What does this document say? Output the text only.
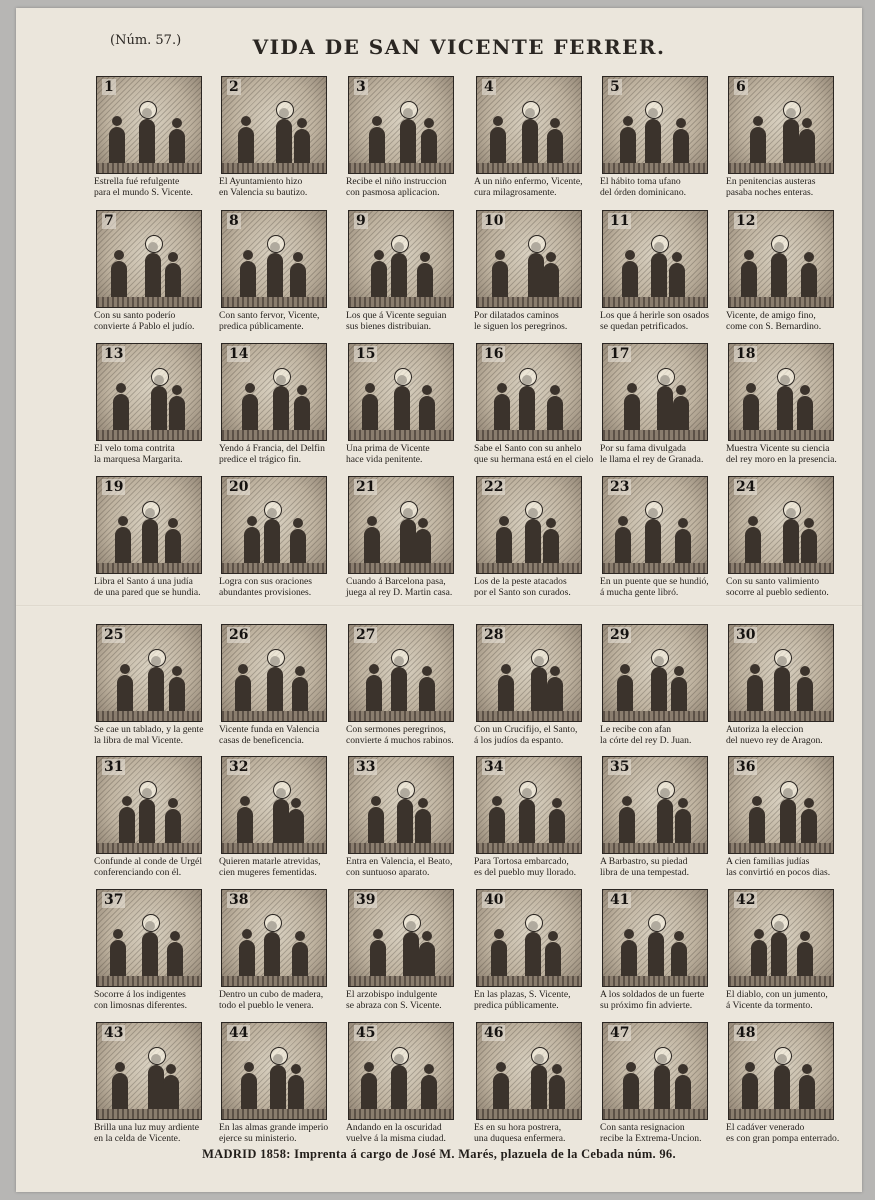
(Núm. 57.)	VIDA DE SAN VICENTE FERRER.
1
Estrella fué refulgente
para el mundo S. Vicente.
2
El Ayuntamiento hizo
en Valencia su bautizo.
3
Recibe el niño instruccion
con pasmosa aplicacion.
4
A un niño enfermo, Vicente,
cura milagrosamente.
5
El hábito toma ufano
del órden dominicano.
6
En penitencias austeras
pasaba noches enteras.
7
Con su santo poderío
convierte á Pablo el judío.
8
Con santo fervor, Vicente,
predica públicamente.
9
Los que á Vicente seguian
sus bienes distribuian.
10
Por dilatados caminos
le siguen los peregrinos.
11
Los que á herirle son osados
se quedan petrificados.
12
Vicente, de amigo fino,
come con S. Bernardino.
13
El velo toma contrita
la marquesa Margarita.
14
Yendo á Francia, del Delfin
predice el trágico fin.
15
Una prima de Vicente
hace vida penitente.
16
Sabe el Santo con su anhelo
que su hermana está en el cielo
17
Por su fama divulgada
le llama el rey de Granada.
18
Muestra Vicente su ciencia
del rey moro en la presencia.
19
Libra el Santo á una judía
de una pared que se hundia.
20
Logra con sus oraciones
abundantes provisiones.
21
Cuando á Barcelona pasa,
juega al rey D. Martin casa.
22
Los de la peste atacados
por el Santo son curados.
23
En un puente que se hundió,
á mucha gente libró.
24
Con su santo valimiento
socorre al pueblo sediento.
25
Se cae un tablado, y la gente
la libra de mal Vicente.
26
Vicente funda en Valencia
casas de beneficencia.
27
Con sermones peregrinos,
convierte á muchos rabinos.
28
Con un Crucifijo, el Santo,
á los judíos da espanto.
29
Le recibe con afan
la córte del rey D. Juan.
30
Autoriza la eleccion
del nuevo rey de Aragon.
31
Confunde al conde de Urgél
conferenciando con él.
32
Quieren matarle atrevidas,
cien mugeres fementidas.
33
Entra en Valencia, el Beato,
con suntuoso aparato.
34
Para Tortosa embarcado,
es del pueblo muy llorado.
35
A Barbastro, su piedad
libra de una tempestad.
36
A cien familias judías
las convirtió en pocos dias.
37
Socorre á los indigentes
con limosnas diferentes.
38
Dentro un cubo de madera,
todo el pueblo le venera.
39
El arzobispo indulgente
se abraza con S. Vicente.
40
En las plazas, S. Vicente,
predica públicamente.
41
A los soldados de un fuerte
su próximo fin advierte.
42
El diablo, con un jumento,
á Vicente da tormento.
43
Brilla una luz muy ardiente
en la celda de Vicente.
44
En las almas grande imperio
ejerce su ministerio.
45
Andando en la oscuridad
vuelve á la misma ciudad.
46
Es en su hora postrera,
una duquesa enfermera.
47
Con santa resignacion
recibe la Extrema-Uncion.
48
El cadáver venerado
es con gran pompa enterrado.
MADRID 1858: Imprenta á cargo de José M. Marés, plazuela de la Cebada núm. 96.
